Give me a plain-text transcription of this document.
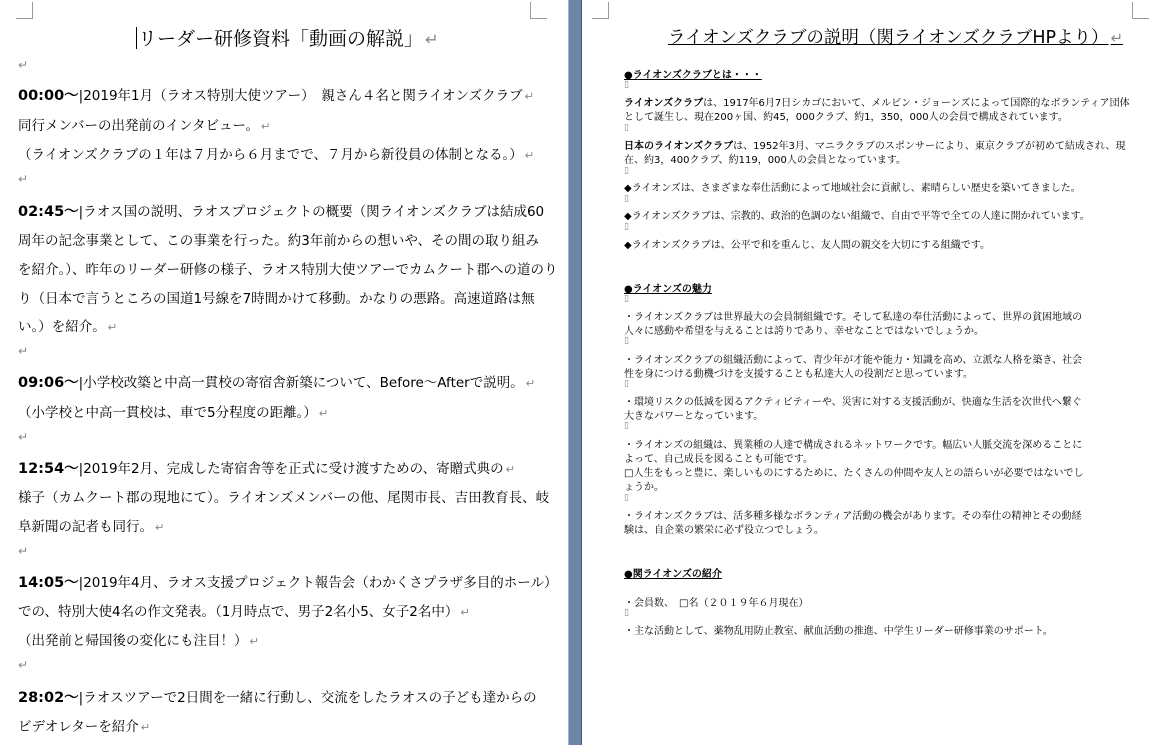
リーダー研修資料「動画の解説」 ↵
↵
00:00〜|2019年1月（ラオス特別大使ツアー）　親さん４名と関ライオンズクラブ ↵
同行メンバーの出発前のインタビュー。 ↵
（ライオンズクラブの１年は７月から６月までで、７月から新役員の体制となる。） ↵
↵
02:45〜|ラオス国の説明、ラオスプロジェクトの概要（関ライオンズクラブは結成60
周年の記念事業として、この事業を行った。約3年前からの想いや、その間の取り組み
を紹介。）、昨年のリーダー研修の様子、ラオス特別大使ツアーでカムクート郡への道のり
り（日本で言うところの国道1号線を7時間かけて移動。かなりの悪路。高速道路は無
い。）を紹介。 ↵
↵
09:06〜|小学校改築と中高一貫校の寄宿舎新築について、Before〜Afterで説明。 ↵
（小学校と中高一貫校は、車で5分程度の距離。） ↵
↵
12:54〜|2019年2月、完成した寄宿舎等を正式に受け渡すための、寄贈式典の ↵
様子（カムクート郡の現地にて）。ライオンズメンバーの他、尾関市長、吉田教育長、岐
阜新聞の記者も同行。 ↵
↵
14:05〜|2019年4月、ラオス支援プロジェクト報告会（わかくさプラザ多目的ホール）
での、特別大使4名の作文発表。（1月時点で、男子2名小5、女子2名中） ↵
（出発前と帰国後の変化にも注目！） ↵
↵
28:02〜|ラオスツアーで2日間を一緒に行動し、交流をしたラオスの子ども達からの
ビデオレターを紹介 ↵
ライオンズクラブの説明（関ライオンズクラブHPより） ↵
●ライオンズクラブとは・・・
▯
ライオンズクラブは、1917年6月7日シカゴにおいて、メルビン・ジョーンズによって国際的なボランティア団体
として誕生し、現在200ヶ国、約45，000クラブ、約1，350，000人の会員で構成されています。
▯
日本のライオンズクラブは、1952年3月、マニラクラブのスポンサーにより、東京クラブが初めて結成され、現
在、約3，400クラブ、約119，000人の会員となっています。
▯
◆ライオンズは、さまざまな奉仕活動によって地域社会に貢献し、素晴らしい歴史を築いてきました。
▯
◆ライオンズクラブは、宗教的、政治的色調のない組織で、自由で平等で全ての人達に開かれています。
▯
◆ライオンズクラブは、公平で和を重んじ、友人間の親交を大切にする組織です。
●ライオンズの魅力
▯
・ライオンズクラブは世界最大の会員制組織です。そして私達の奉仕活動によって、世界の貧困地域の
人々に感動や希望を与えることは誇りであり、幸せなことではないでしょうか。
▯
・ライオンズクラブの組織活動によって、青少年が才能や能力・知識を高め、立派な人格を築き、社会
性を身につける動機づけを支援することも私達大人の役割だと思っています。
▯
・環境リスクの低減を図るアクティビティーや、災害に対する支援活動が、快適な生活を次世代へ繋ぐ
大きなパワーとなっています。
▯
・ライオンズの組織は、異業種の人達で構成されるネットワークです。幅広い人脈交流を深めることに
よって、自己成長を図ることも可能です。
□人生をもっと豊に、楽しいものにするために、たくさんの仲間や友人との語らいが必要ではないでし
ょうか。
▯
・ライオンズクラブは、活多種多様なボランティア活動の機会があります。その奉仕の精神とその動経
験は、自企業の繁栄に必ず役立つでしょう。
●関ライオンズの紹介
・会員数、　□名（２０１９年６月現在）
▯
・主な活動として、薬物乱用防止教室、献血活動の推進、中学生リーダー研修事業のサポート。
